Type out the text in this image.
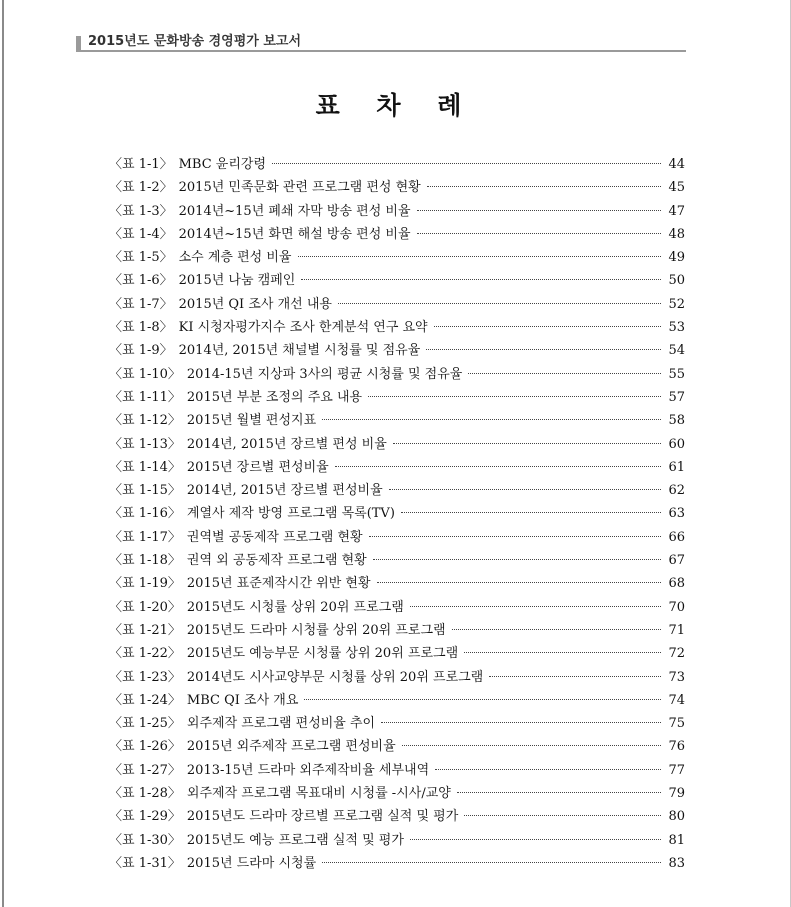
2015년도 문화방송 경영평가 보고서
표 차 례
〈표 1-1〉 MBC 윤리강령	44
〈표 1-2〉 2015년 민족문화 관련 프로그램 편성 현황	45
〈표 1-3〉 2014년~15년 폐쇄 자막 방송 편성 비율	47
〈표 1-4〉 2014년~15년 화면 해설 방송 편성 비율	48
〈표 1-5〉 소수 계층 편성 비율	49
〈표 1-6〉 2015년 나눔 캠페인	50
〈표 1-7〉 2015년 QI 조사 개선 내용	52
〈표 1-8〉 KI 시청자평가지수 조사 한계분석 연구 요약	53
〈표 1-9〉 2014년, 2015년 채널별 시청률 및 점유율	54
〈표 1-10〉 2014-15년 지상파 3사의 평균 시청률 및 점유율	55
〈표 1-11〉 2015년 부분 조정의 주요 내용	57
〈표 1-12〉 2015년 월별 편성지표	58
〈표 1-13〉 2014년, 2015년 장르별 편성 비율	60
〈표 1-14〉 2015년 장르별 편성비율	61
〈표 1-15〉 2014년, 2015년 장르별 편성비율	62
〈표 1-16〉 계열사 제작 방영 프로그램 목록(TV)	63
〈표 1-17〉 권역별 공동제작 프로그램 현황	66
〈표 1-18〉 권역 외 공동제작 프로그램 현황	67
〈표 1-19〉 2015년 표준제작시간 위반 현황	68
〈표 1-20〉 2015년도 시청률 상위 20위 프로그램	70
〈표 1-21〉 2015년도 드라마 시청률 상위 20위 프로그램	71
〈표 1-22〉 2015년도 예능부문 시청률 상위 20위 프로그램	72
〈표 1-23〉 2014년도 시사교양부문 시청률 상위 20위 프로그램	73
〈표 1-24〉 MBC QI 조사 개요	74
〈표 1-25〉 외주제작 프로그램 편성비율 추이	75
〈표 1-26〉 2015년 외주제작 프로그램 편성비율	76
〈표 1-27〉 2013-15년 드라마 외주제작비율 세부내역	77
〈표 1-28〉 외주제작 프로그램 목표대비 시청률 -시사/교양	79
〈표 1-29〉 2015년도 드라마 장르별 프로그램 실적 및 평가	80
〈표 1-30〉 2015년도 예능 프로그램 실적 및 평가	81
〈표 1-31〉 2015년 드라마 시청률	83
